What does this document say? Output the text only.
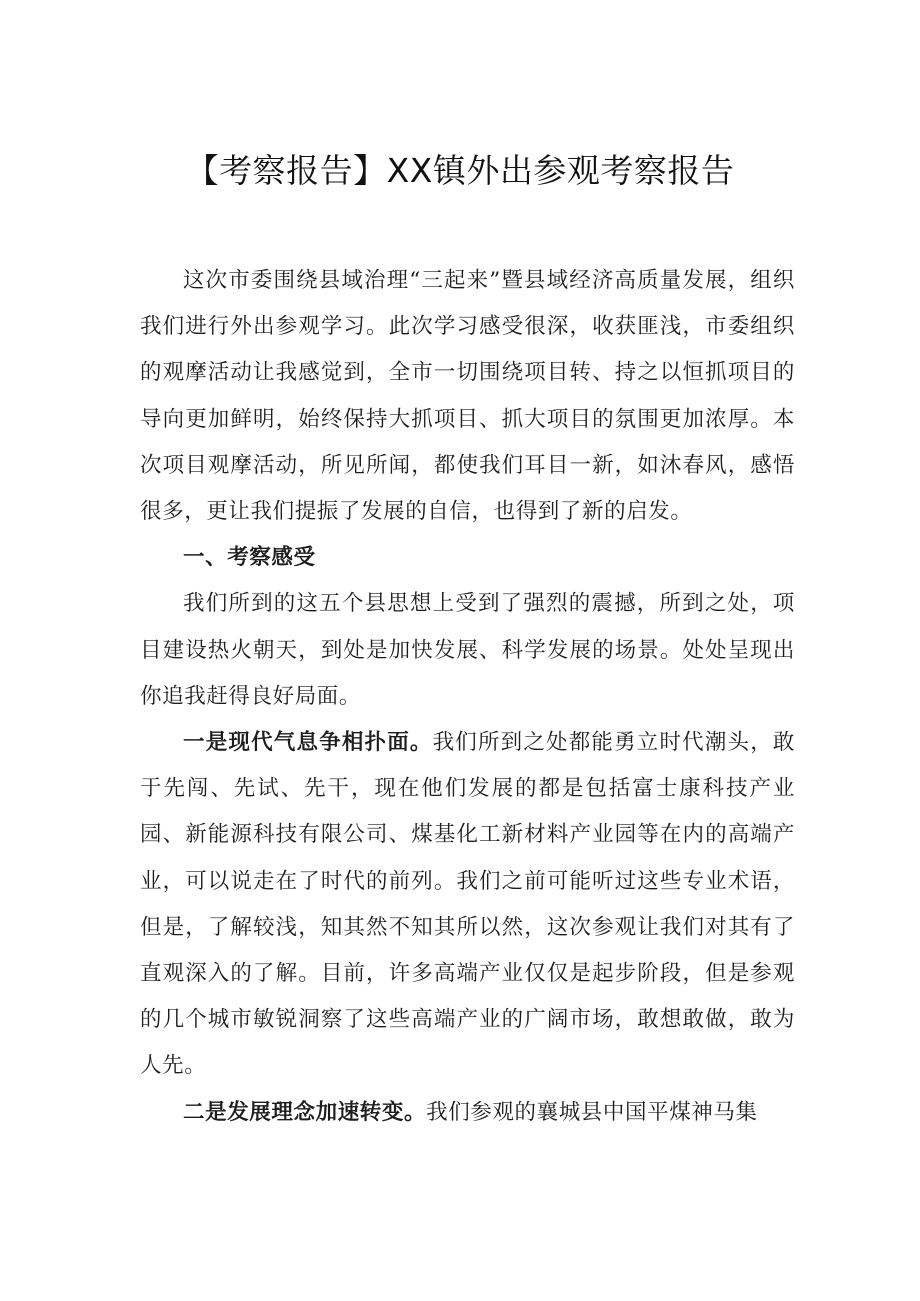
【考察报告】XX镇外出参观考察报告

这次市委围绕县域治理“三起来”暨县域经济高质量发展，组织我们进行外出参观学习。此次学习感受很深，收获匪浅，市委组织的观摩活动让我感觉到，全市一切围绕项目转、持之以恒抓项目的导向更加鲜明，始终保持大抓项目、抓大项目的氛围更加浓厚。本次项目观摩活动，所见所闻，都使我们耳目一新，如沐春风，感悟很多，更让我们提振了发展的自信，也得到了新的启发。

一、考察感受

我们所到的这五个县思想上受到了强烈的震撼，所到之处，项目建设热火朝天，到处是加快发展、科学发展的场景。处处呈现出你追我赶得良好局面。

一是现代气息争相扑面。我们所到之处都能勇立时代潮头，敢于先闯、先试、先干，现在他们发展的都是包括富士康科技产业园、新能源科技有限公司、煤基化工新材料产业园等在内的高端产业，可以说走在了时代的前列。我们之前可能听过这些专业术语，但是，了解较浅，知其然不知其所以然，这次参观让我们对其有了直观深入的了解。目前，许多高端产业仅仅是起步阶段，但是参观的几个城市敏锐洞察了这些高端产业的广阔市场，敢想敢做，敢为人先。

二是发展理念加速转变。我们参观的襄城县中国平煤神马集
